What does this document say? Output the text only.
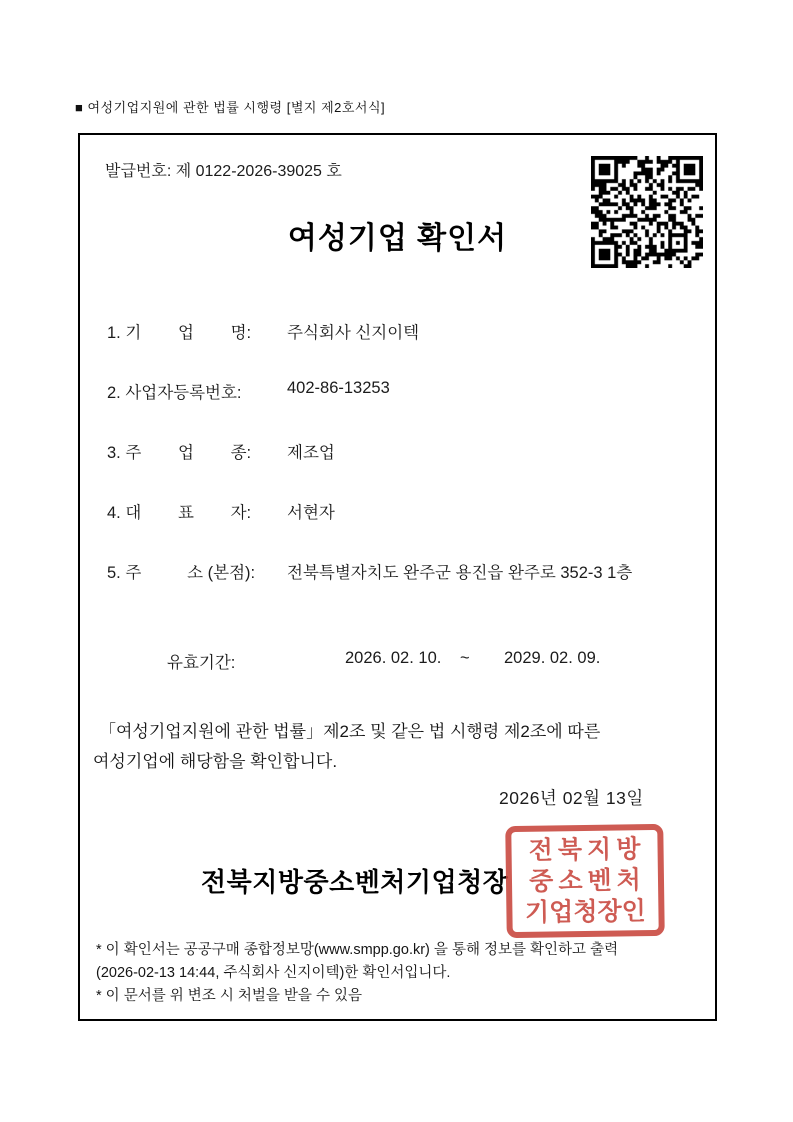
■ 여성기업지원에 관한 법률 시행령 [별지 제2호서식]
발급번호: 제 0122-2026-39025 호
여성기업 확인서
1. 기        업        명: 주식회사 신지이텍
2. 사업자등록번호:	402-86-13253
3. 주        업        종: 제조업
4. 대        표        자: 서현자
5. 주          소 (본점): 전북특별자치도 완주군 용진읍 완주로 352-3 1층
유효기간:	2026. 02. 10. ~ 2029. 02. 09.
「여성기업지원에 관한 법률」제2조 및 같은 법 시행령 제2조에 따른
여성기업에 해당함을 확인합니다.
2026년 02월 13일
전북지방중소벤처기업청장
전북지방
중소벤처
기업청장인
* 이 확인서는 공공구매 종합정보망(www.smpp.go.kr) 을 통해 정보를 확인하고 출력
(2026-02-13 14:44, 주식회사 신지이텍)한 확인서입니다.
* 이 문서를 위 변조 시 처벌을 받을 수 있음
